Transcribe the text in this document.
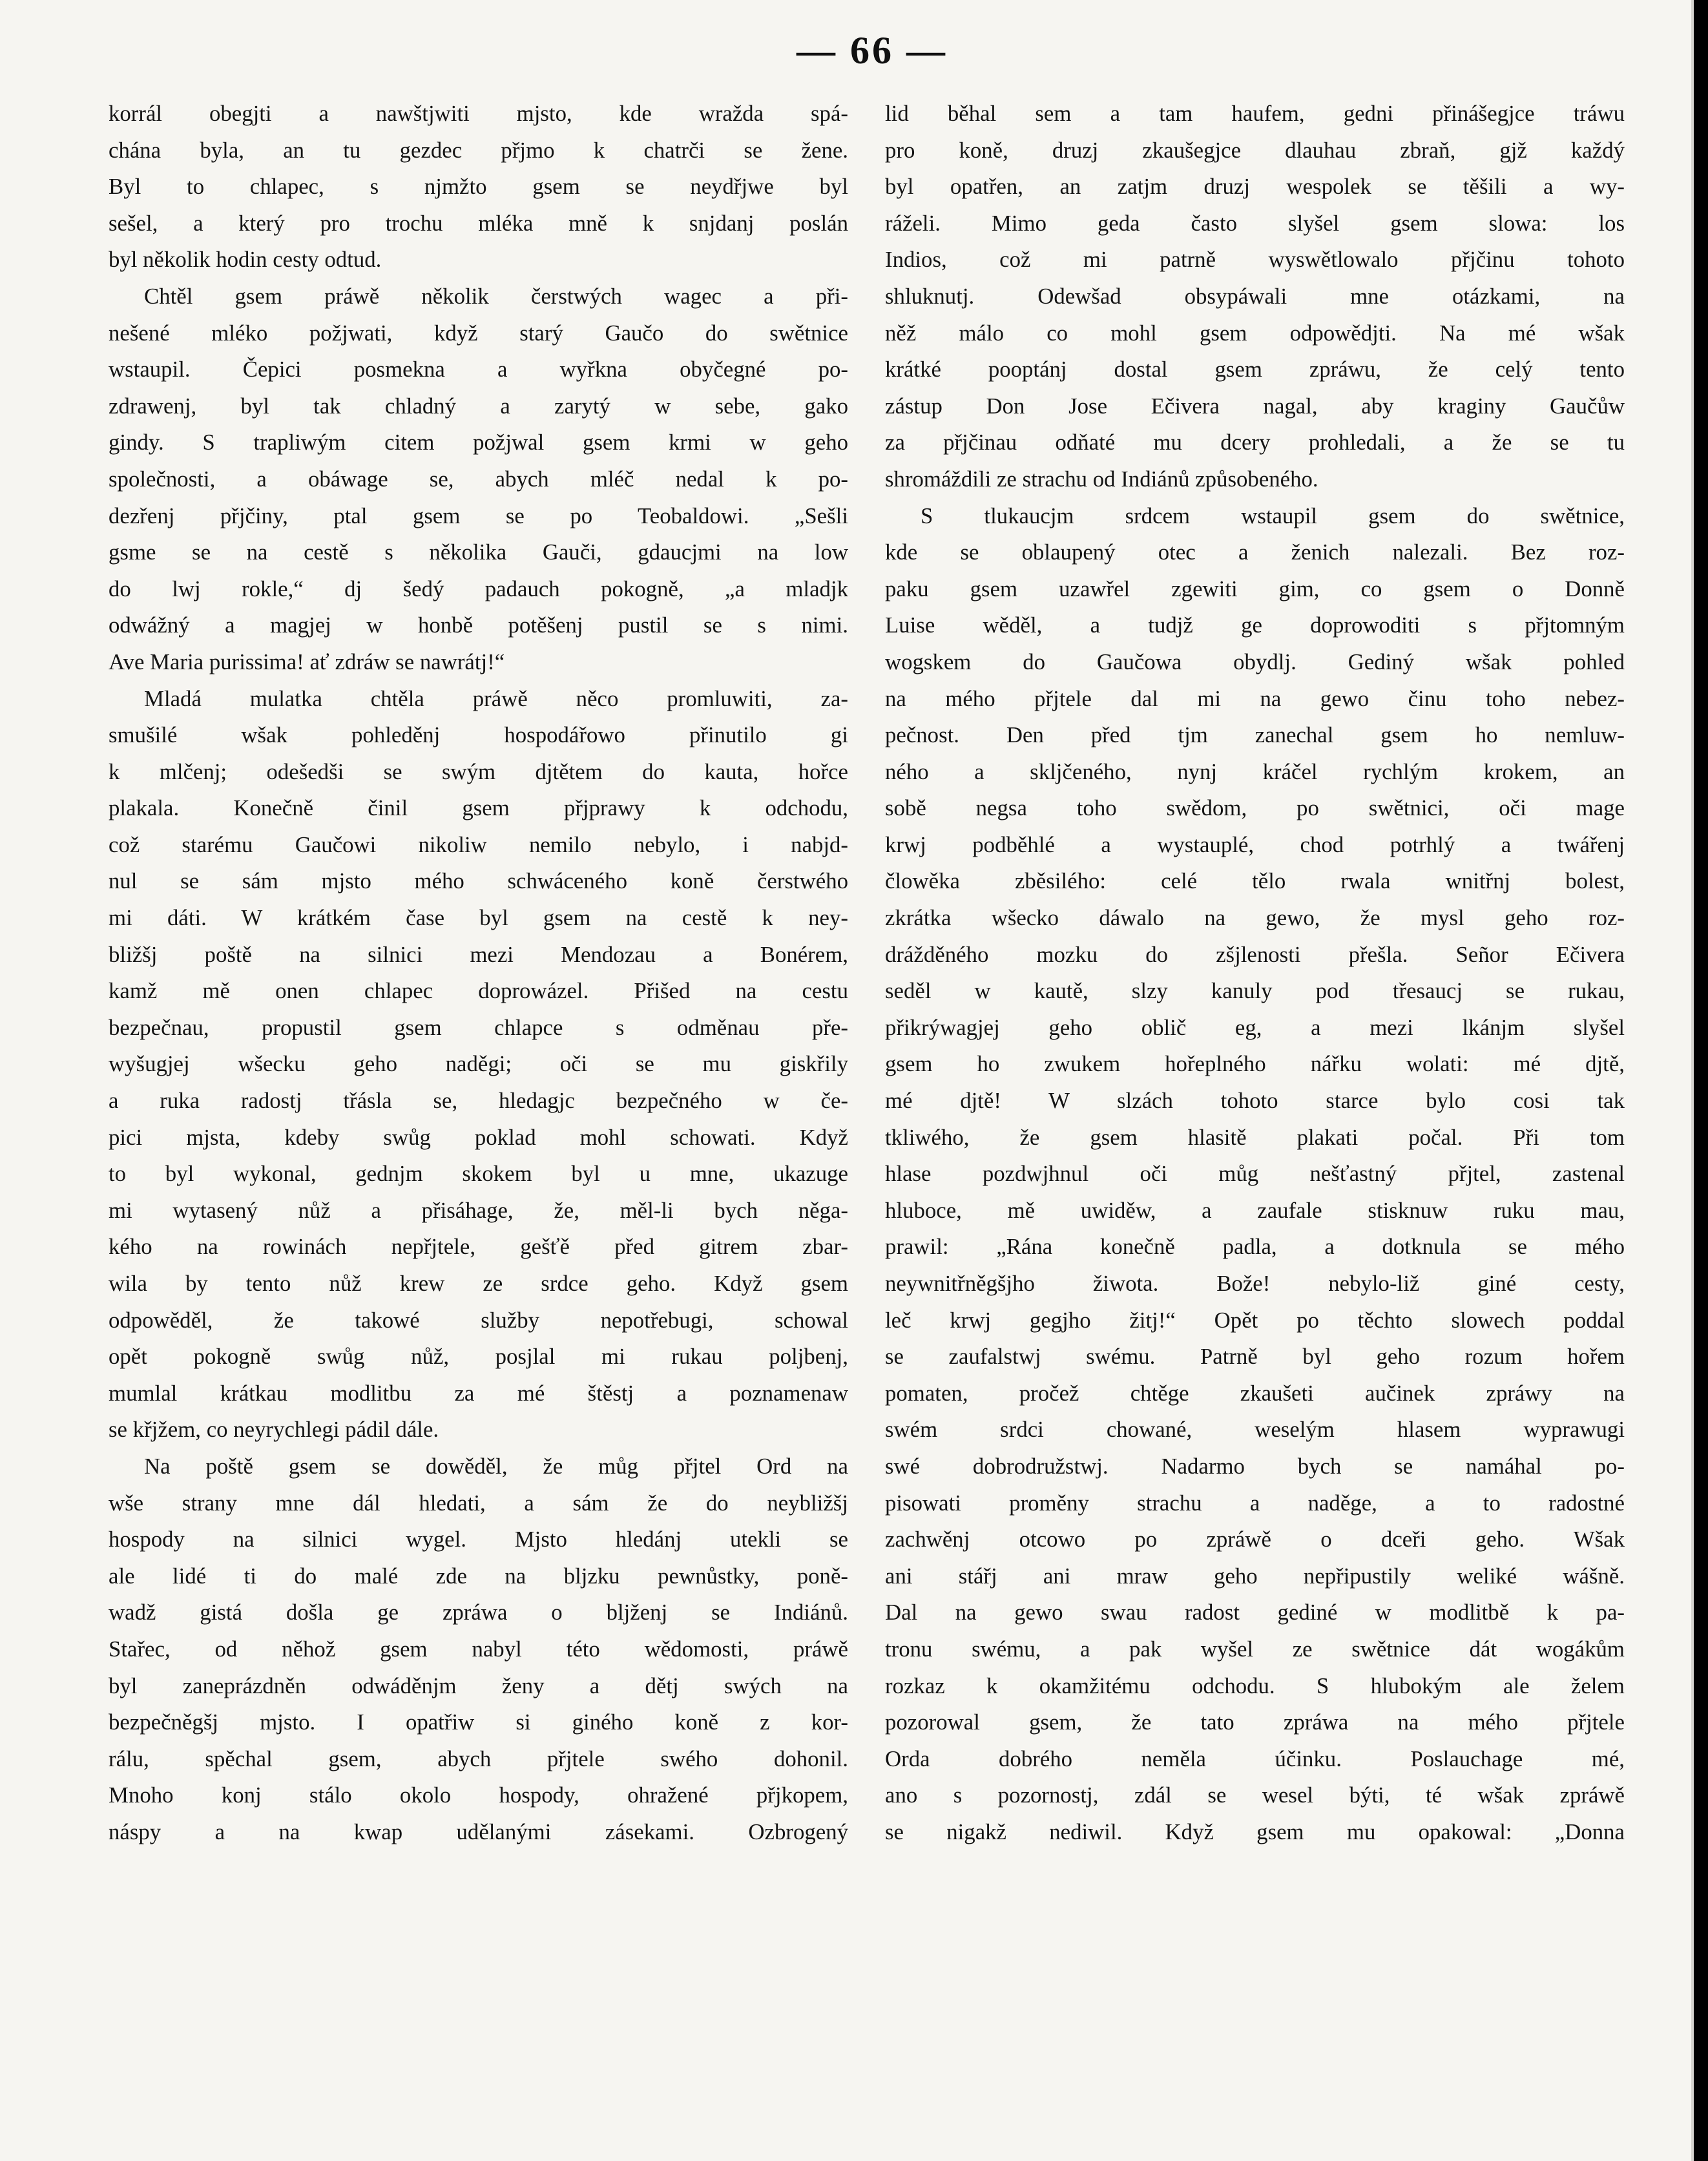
— 66 —
korrál obegjti a nawštjwiti mjsto, kde wražda spá-
chána byla, an tu gezdec přjmo k chatrči se žene.
Byl to chlapec, s njmžto gsem se neydřjwe byl
sešel, a který pro trochu mléka mně k snjdanj poslán
byl několik hodin cesty odtud.
Chtěl gsem práwě několik čerstwých wagec a při-
nešené mléko požjwati, když starý Gaučo do swětnice
wstaupil. Čepici posmekna a wyřkna obyčegné po-
zdrawenj, byl tak chladný a zarytý w sebe, gako
gindy. S trapliwým citem požjwal gsem krmi w geho
společnosti, a obáwage se, abych mléč nedal k po-
dezřenj přjčiny, ptal gsem se po Teobaldowi. „Sešli
gsme se na cestě s několika Gauči, gdaucjmi na low
do lwj rokle,“ dj šedý padauch pokogně, „a mladjk
odwážný a magjej w honbě potěšenj pustil se s nimi.
Ave Maria purissima! ať zdráw se nawrátj!“
Mladá mulatka chtěla práwě něco promluwiti, za-
smušilé wšak pohleděnj hospodářowo přinutilo gi
k mlčenj; odešedši se swým djtětem do kauta, hořce
plakala. Konečně činil gsem přjprawy k odchodu,
což starému Gaučowi nikoliw nemilo nebylo, i nabjd-
nul se sám mjsto mého schwáceného koně čerstwého
mi dáti. W krátkém čase byl gsem na cestě k ney-
bližšj poště na silnici mezi Mendozau a Bonérem,
kamž mě onen chlapec doprowázel. Přišed na cestu
bezpečnau, propustil gsem chlapce s odměnau pře-
wyšugjej wšecku geho naděgi; oči se mu giskřily
a ruka radostj třásla se, hledagjc bezpečného w če-
pici mjsta, kdeby swůg poklad mohl schowati. Když
to byl wykonal, gednjm skokem byl u mne, ukazuge
mi wytasený nůž a přisáhage, že, měl-li bych něga-
kého na rowinách nepřjtele, gešťě před gitrem zbar-
wila by tento nůž krew ze srdce geho. Když gsem
odpowěděl, že takowé služby nepotřebugi, schowal
opět pokogně swůg nůž, posjlal mi rukau poljbenj,
mumlal krátkau modlitbu za mé štěstj a poznamenaw
se křjžem, co neyrychlegi pádil dále.
Na poště gsem se dowěděl, že můg přjtel Ord na
wše strany mne dál hledati, a sám že do neybližšj
hospody na silnici wygel. Mjsto hledánj utekli se
ale lidé ti do malé zde na bljzku pewnůstky, poně-
wadž gistá došla ge zpráwa o bljženj se Indiánů.
Stařec, od něhož gsem nabyl této wědomosti, práwě
byl zaneprázdněn odwáděnjm ženy a dětj swých na
bezpečněgšj mjsto. I opatřiw si giného koně z kor-
rálu, spěchal gsem, abych přjtele swého dohonil.
Mnoho konj stálo okolo hospody, ohražené přjkopem,
náspy a na kwap udělanými zásekami. Ozbrogený
lid běhal sem a tam haufem, gedni přinášegjce tráwu
pro koně, druzj zkaušegjce dlauhau zbraň, gjž každý
byl opatřen, an zatjm druzj wespolek se těšili a wy-
ráželi. Mimo geda často slyšel gsem slowa: los
Indios, což mi patrně wyswětlowalo přjčinu tohoto
shluknutj. Odewšad obsypáwali mne otázkami, na
něž málo co mohl gsem odpowědjti. Na mé wšak
krátké pooptánj dostal gsem zpráwu, že celý tento
zástup Don Jose Ečivera nagal, aby kraginy Gaučůw
za přjčinau odňaté mu dcery prohledali, a že se tu
shromáždili ze strachu od Indiánů způsobeného.
S tlukaucjm srdcem wstaupil gsem do swětnice,
kde se oblaupený otec a ženich nalezali. Bez roz-
paku gsem uzawřel zgewiti gim, co gsem o Donně
Luise wěděl, a tudjž ge doprowoditi s přjtomným
wogskem do Gaučowa obydlj. Gediný wšak pohled
na mého přjtele dal mi na gewo činu toho nebez-
pečnost. Den před tjm zanechal gsem ho nemluw-
ného a skljčeného, nynj kráčel rychlým krokem, an
sobě negsa toho swědom, po swětnici, oči mage
krwj podběhlé a wystauplé, chod potrhlý a twářenj
člowěka zběsilého: celé tělo rwala wnitřnj bolest,
zkrátka wšecko dáwalo na gewo, že mysl geho roz-
drážděného mozku do zšjlenosti přešla. Señor Ečivera
seděl w kautě, slzy kanuly pod třesaucj se rukau,
přikrýwagjej geho oblič eg, a mezi lkánjm slyšel
gsem ho zwukem hořeplného nářku wolati: mé djtě,
mé djtě! W slzách tohoto starce bylo cosi tak
tkliwého, že gsem hlasitě plakati počal. Při tom
hlase pozdwjhnul oči můg nešťastný přjtel, zastenal
hluboce, mě uwiděw, a zaufale stisknuw ruku mau,
prawil: „Rána konečně padla, a dotknula se mého
neywnitřněgšjho žiwota. Bože! nebylo-liž giné cesty,
leč krwj gegjho žitj!“ Opět po těchto slowech poddal
se zaufalstwj swému. Patrně byl geho rozum hořem
pomaten, pročež chtěge zkaušeti aučinek zpráwy na
swém srdci chowané, weselým hlasem wyprawugi
swé dobrodružstwj. Nadarmo bych se namáhal po-
pisowati proměny strachu a naděge, a to radostné
zachwěnj otcowo po zpráwě o dceři geho. Wšak
ani stářj ani mraw geho nepřipustily weliké wášně.
Dal na gewo swau radost gediné w modlitbě k pa-
tronu swému, a pak wyšel ze swětnice dát wogákům
rozkaz k okamžitému odchodu. S hlubokým ale želem
pozorowal gsem, že tato zpráwa na mého přjtele
Orda dobrého neměla účinku. Poslauchage mé,
ano s pozornostj, zdál se wesel býti, té wšak zpráwě
se nigakž nediwil. Když gsem mu opakowal: „Donna
